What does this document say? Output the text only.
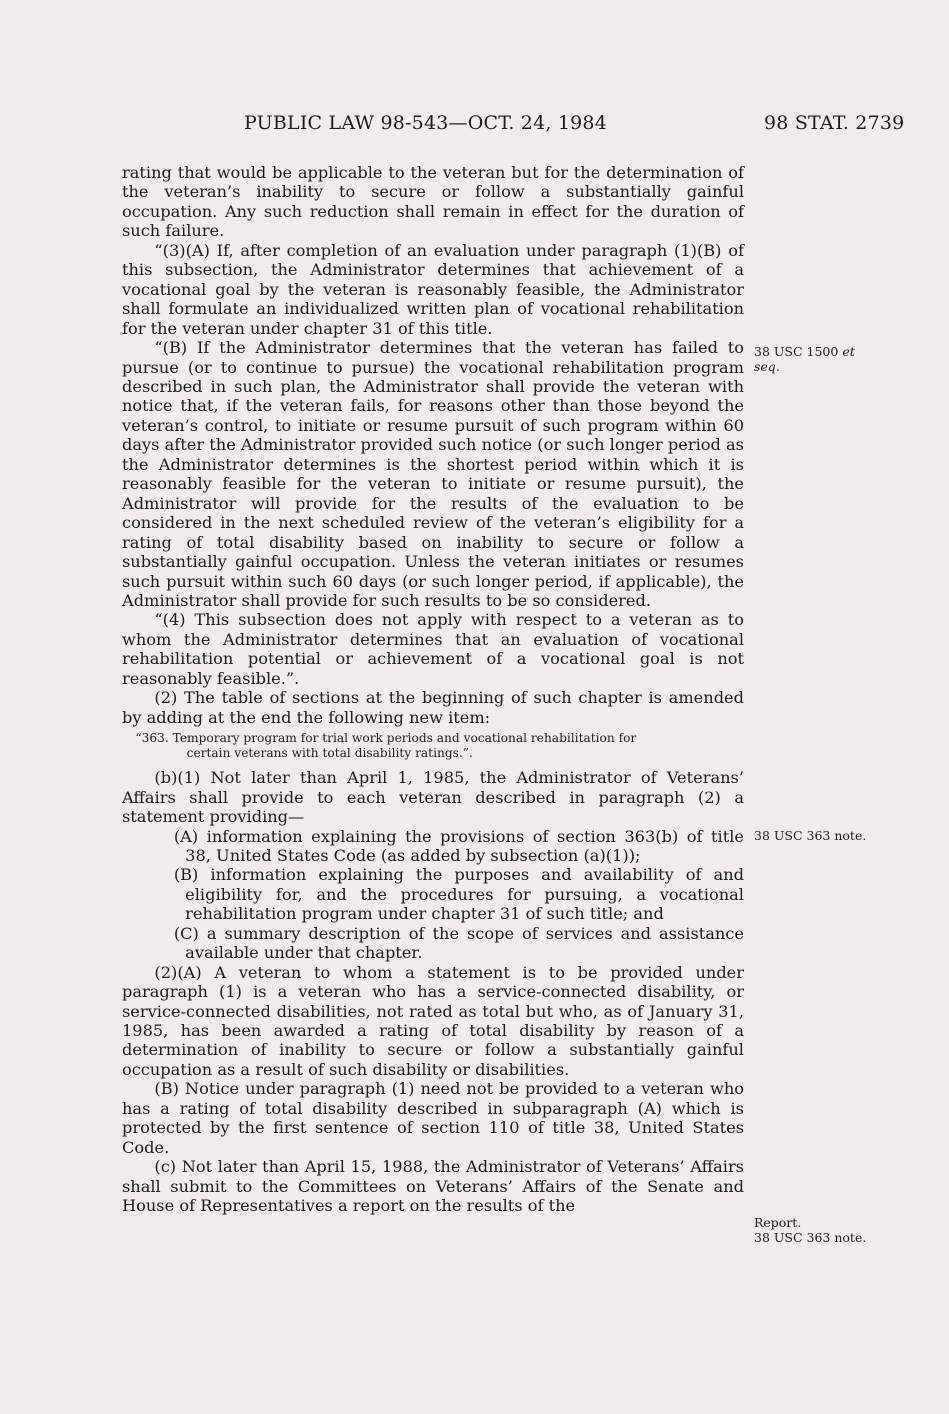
PUBLIC LAW 98-543—OCT. 24, 1984	98 STAT. 2739

rating that would be applicable to the veteran but for the determination of the veteran’s inability to secure or follow a substantially gainful occupation. Any such reduction shall remain in effect for the duration of such failure.

“(3)(A) If, after completion of an evaluation under paragraph (1)(B) of this subsection, the Administrator determines that achievement of a vocational goal by the veteran is reasonably feasible, the Administrator shall formulate an individualized written plan of vocational rehabilitation for the veteran under chapter 31 of this title.

“(B) If the Administrator determines that the veteran has failed to pursue (or to continue to pursue) the vocational rehabilitation program described in such plan, the Administrator shall provide the veteran with notice that, if the veteran fails, for reasons other than those beyond the veteran’s control, to initiate or resume pursuit of such program within 60 days after the Administrator provided such notice (or such longer period as the Administrator determines is the shortest period within which it is reasonably feasible for the veteran to initiate or resume pursuit), the Administrator will provide for the results of the evaluation to be considered in the next scheduled review of the veteran’s eligibility for a rating of total disability based on inability to secure or follow a substantially gainful occupation. Unless the veteran initiates or resumes such pursuit within such 60 days (or such longer period, if applicable), the Administrator shall provide for such results to be so considered.

“(4) This subsection does not apply with respect to a veteran as to whom the Administrator determines that an evaluation of vocational rehabilitation potential or achievement of a vocational goal is not reasonably feasible.”.

(2) The table of sections at the beginning of such chapter is amended by adding at the end the following new item:

“363. Temporary program for trial work periods and vocational rehabilitation for
certain veterans with total disability ratings.”.

(b)(1) Not later than April 1, 1985, the Administrator of Veterans’ Affairs shall provide to each veteran described in paragraph (2) a statement providing—

(A) information explaining the provisions of section 363(b) of title 38, United States Code (as added by subsection (a)(1));

(B) information explaining the purposes and availability of and eligibility for, and the procedures for pursuing, a vocational rehabilitation program under chapter 31 of such title; and

(C) a summary description of the scope of services and assistance available under that chapter.

(2)(A) A veteran to whom a statement is to be provided under paragraph (1) is a veteran who has a service-connected disability, or service-connected disabilities, not rated as total but who, as of January 31, 1985, has been awarded a rating of total disability by reason of a determination of inability to secure or follow a substantially gainful occupation as a result of such disability or disabilities.

(B) Notice under paragraph (1) need not be provided to a veteran who has a rating of total disability described in subparagraph (A) which is protected by the first sentence of section 110 of title 38, United States Code.

(c) Not later than April 15, 1988, the Administrator of Veterans’ Affairs shall submit to the Committees on Veterans’ Affairs of the Senate and House of Representatives a report on the results of the

38 USC 1500 et
seq.
38 USC 363 note.
Report.
38 USC 363 note.
